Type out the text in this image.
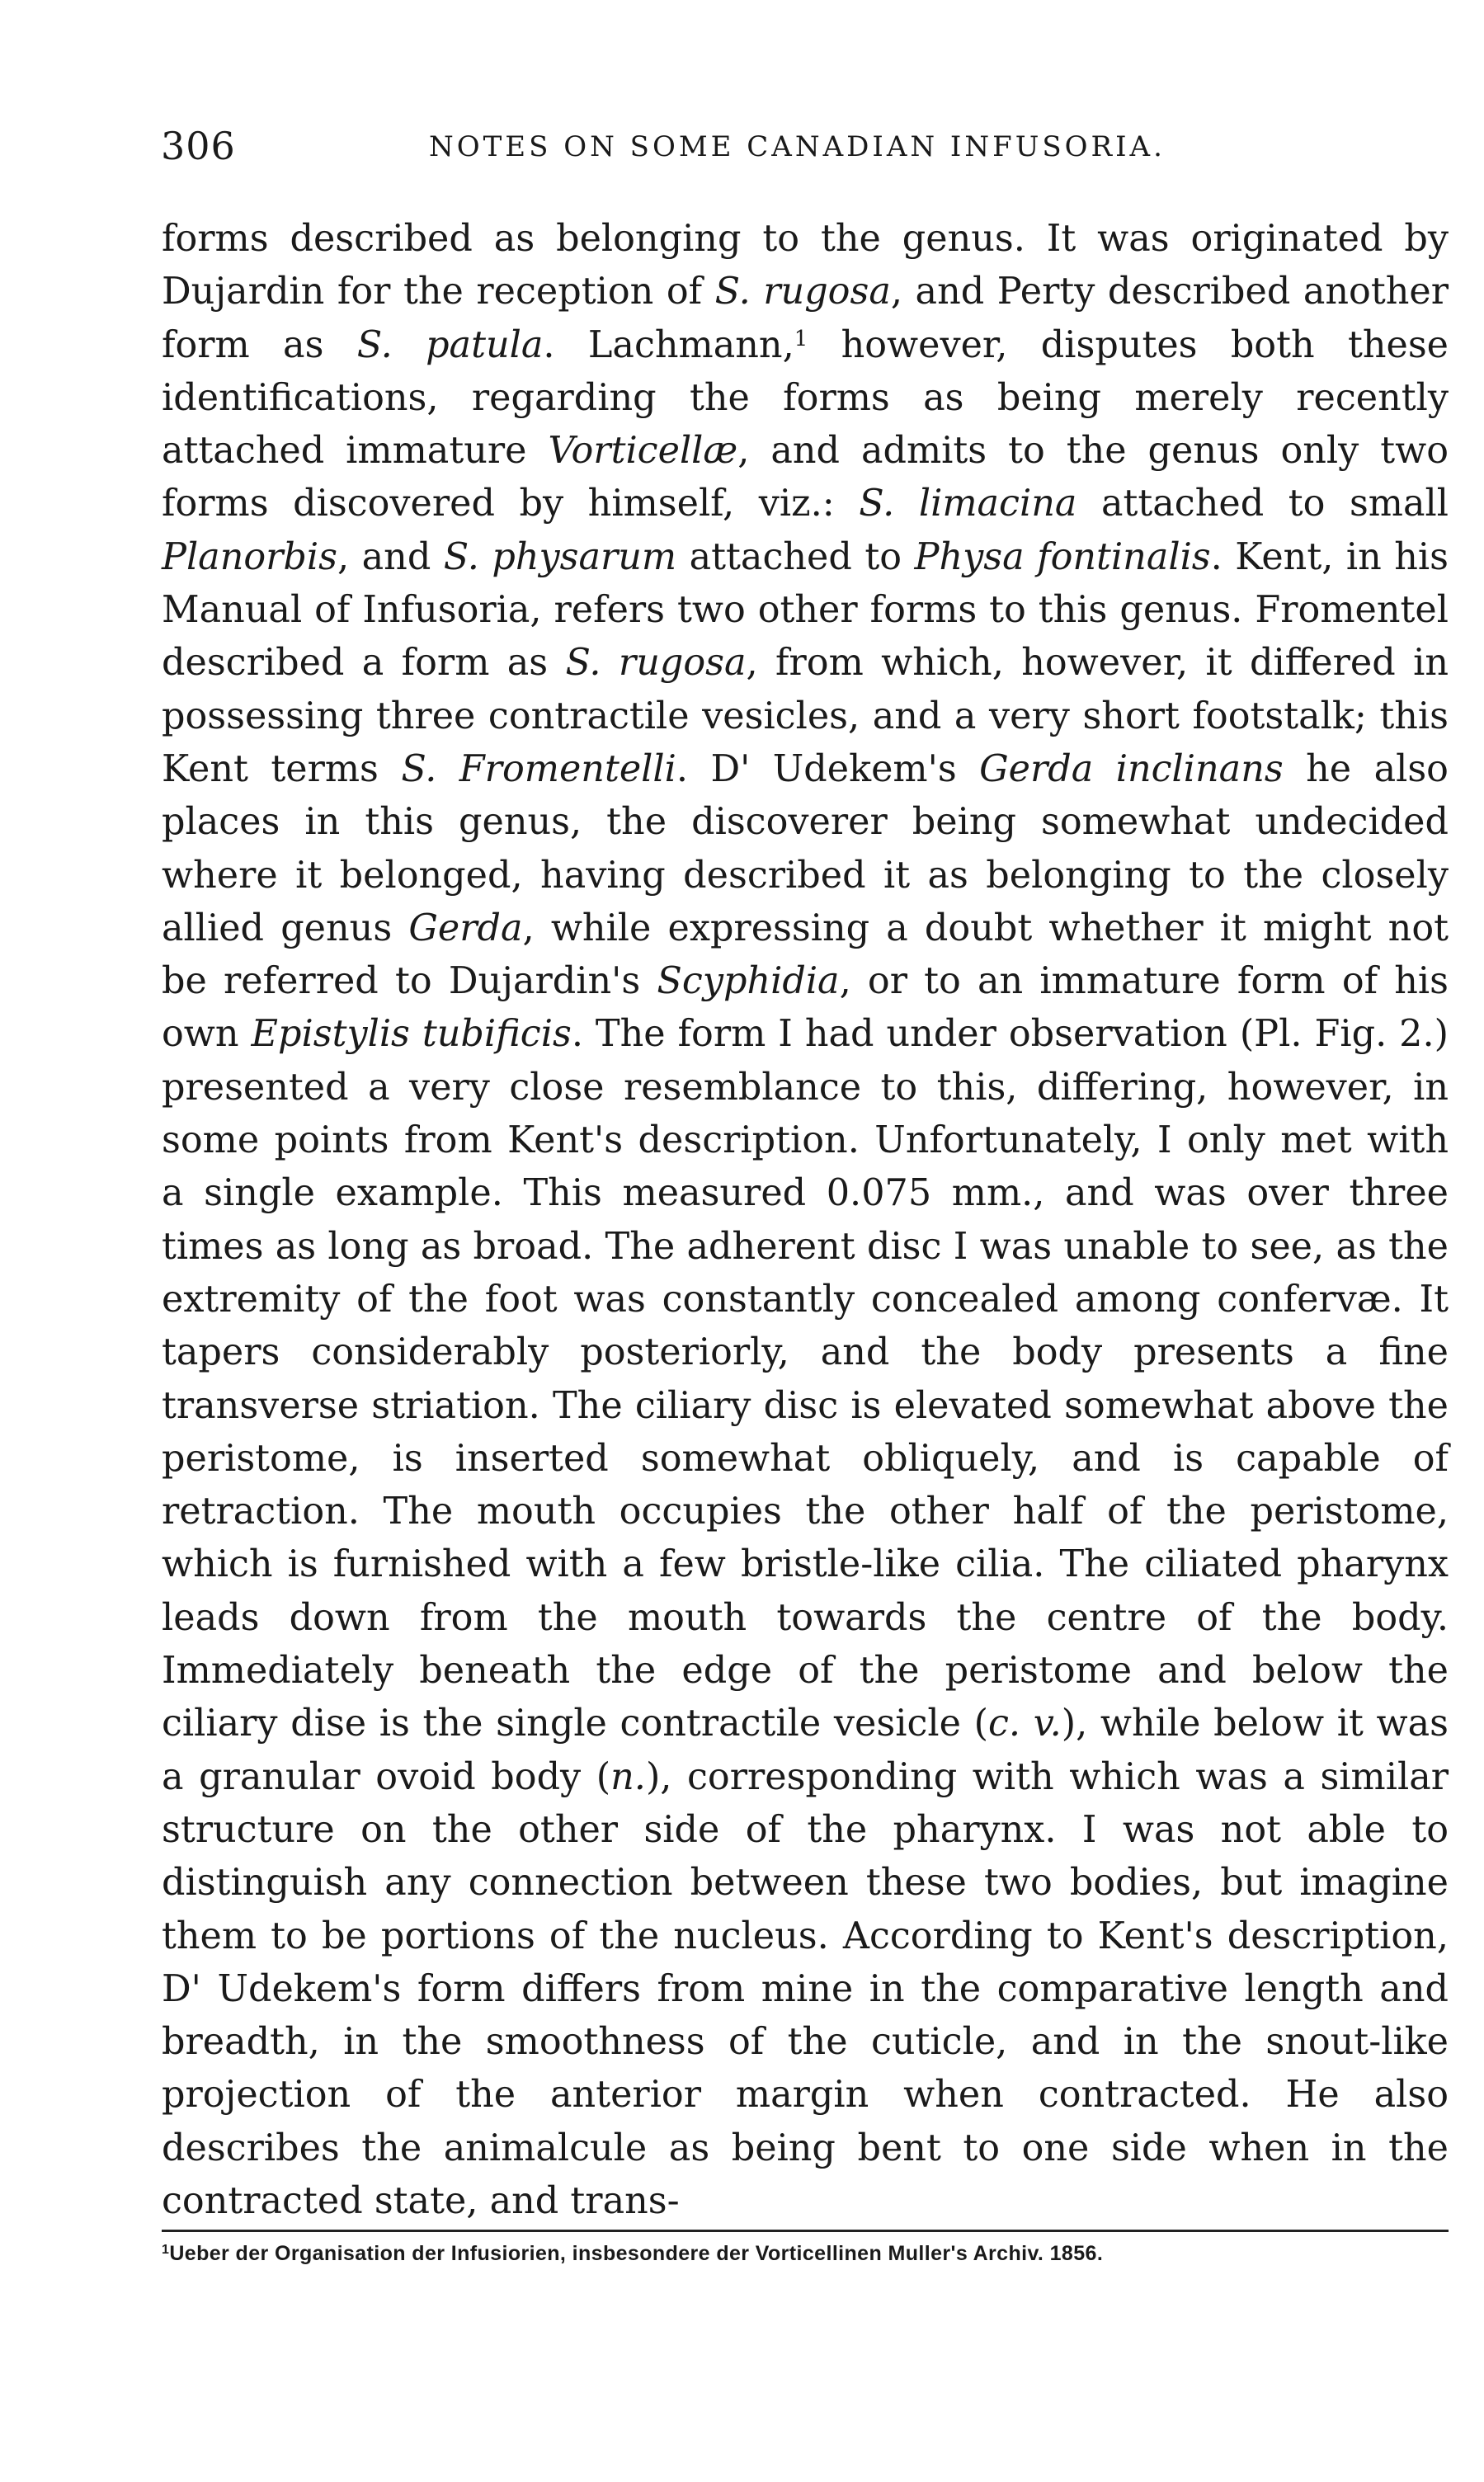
306	NOTES ON SOME CANADIAN INFUSORIA.
forms described as belonging to the genus. It was originated by Dujardin for the reception of S. rugosa, and Perty described another form as S. patula. Lachmann,$^1$ however, disputes both these identifications, regarding the forms as being merely recently attached immature Vorticellæ, and admits to the genus only two forms discovered by himself, viz.: S. limacina attached to small Planorbis, and S. physarum attached to Physa fontinalis. Kent, in his Manual of Infusoria, refers two other forms to this genus. Fromentel described a form as S. rugosa, from which, however, it differed in possessing three contractile vesicles, and a very short footstalk; this Kent terms S. Fromentelli. D' Udekem's Gerda inclinans he also places in this genus, the discoverer being somewhat undecided where it belonged, having described it as belonging to the closely allied genus Gerda, while expressing a doubt whether it might not be referred to Dujardin's Scyphidia, or to an immature form of his own Epistylis tubificis. The form I had under observation (Pl. Fig. 2.) presented a very close resemblance to this, differing, however, in some points from Kent's description. Unfortunately, I only met with a single example. This measured 0.075 mm., and was over three times as long as broad. The adherent disc I was unable to see, as the extremity of the foot was constantly concealed among confervæ. It tapers considerably posteriorly, and the body presents a fine transverse striation. The ciliary disc is elevated somewhat above the peristome, is inserted somewhat obliquely, and is capable of retraction. The mouth occupies the other half of the peristome, which is furnished with a few bristle-like cilia. The ciliated pharynx leads down from the mouth towards the centre of the body. Immediately beneath the edge of the peristome and below the ciliary dise is the single contractile vesicle (c. v.), while below it was a granular ovoid body (n.), corresponding with which was a similar structure on the other side of the pharynx. I was not able to distinguish any connection between these two bodies, but imagine them to be portions of the nucleus. According to Kent's description, D' Udekem's form differs from mine in the comparative length and breadth, in the smoothness of the cuticle, and in the snout-like projection of the anterior margin when contracted. He also describes the animalcule as being bent to one side when in the contracted state, and trans-
$^1$Ueber der Organisation der Infusiorien, insbesondere der Vorticellinen Muller's Archiv. 1856.
